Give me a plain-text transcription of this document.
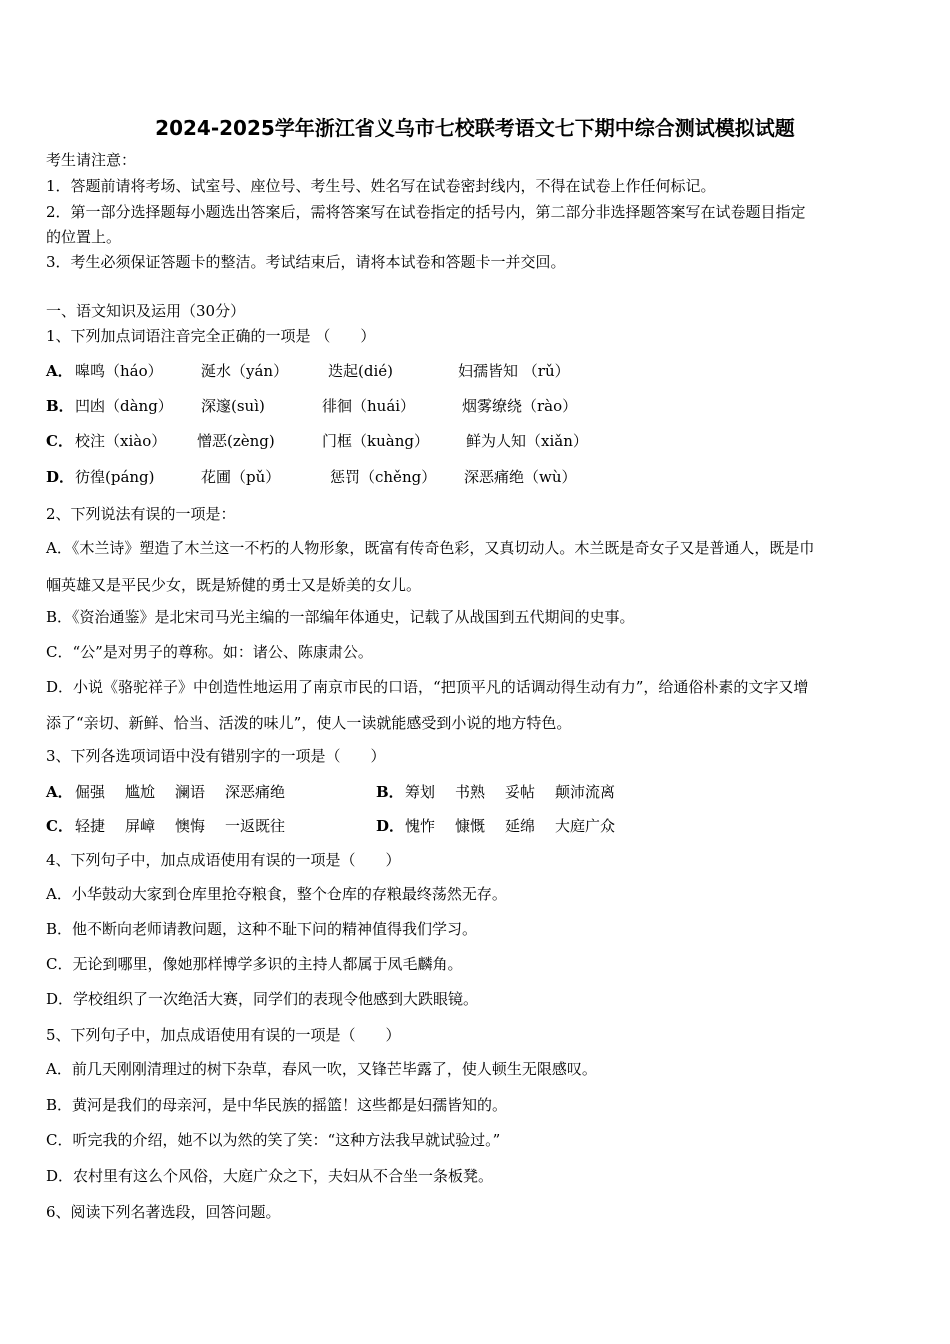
2024-2025学年浙江省义乌市七校联考语文七下期中综合测试模拟试题
考生请注意：
1．答题前请将考场、试室号、座位号、考生号、姓名写在试卷密封线内，不得在试卷上作任何标记。
2．第一部分选择题每小题选出答案后，需将答案写在试卷指定的括号内，第二部分非选择题答案写在试卷题目指定
的位置上。
3．考生必须保证答题卡的整洁。考试结束后，请将本试卷和答题卡一并交回。
一、语文知识及运用（30分）
1、下列加点词语注音完全正确的一项是 （　　）
A． 嗥鸣（háo）	涎水（yán）	迭起(dié)	妇孺皆知 （rǔ）
B． 凹凼（dàng） 深邃(suì)	徘徊（huái）	烟雾缭绕（rào）
C． 校注（xiào） 憎恶(zèng)	门框（kuàng） 鲜为人知（xiǎn）
D． 彷徨(páng)	花圃（pǔ）	惩罚（chěng） 深恶痛绝（wù）
2、下列说法有误的一项是：
A．《木兰诗》塑造了木兰这一不朽的人物形象，既富有传奇色彩，又真切动人。木兰既是奇女子又是普通人，既是巾
帼英雄又是平民少女，既是矫健的勇士又是娇美的女儿。
B．《资治通鉴》是北宋司马光主编的一部编年体通史，记载了从战国到五代期间的史事。
C．“公”是对男子的尊称。如：诸公、陈康肃公。
D．小说《骆驼祥子》中创造性地运用了南京市民的口语，“把顶平凡的话调动得生动有力”，给通俗朴素的文字又增
添了“亲切、新鲜、恰当、活泼的味儿”，使人一读就能感受到小说的地方特色。
3、下列各选项词语中没有错别字的一项是（　　）
A． 倔强 尴尬 澜语 深恶痛绝	B． 筹划 书熟 妥帖 颠沛流离
C． 轻捷 屏嶂 懊悔 一返既往	D． 愧怍 慷慨 延绵 大庭广众
4、下列句子中，加点成语使用有误的一项是（　　）
A．小华鼓动大家到仓库里抢夺粮食，整个仓库的存粮最终荡然无存。
B．他不断向老师请教问题，这种不耻下问的精神值得我们学习。
C．无论到哪里，像她那样博学多识的主持人都属于凤毛麟角。
D．学校组织了一次绝活大赛，同学们的表现令他感到大跌眼镜。
5、下列句子中，加点成语使用有误的一项是（　　）
A．前几天刚刚清理过的树下杂草，春风一吹，又锋芒毕露了，使人顿生无限感叹。
B．黄河是我们的母亲河，是中华民族的摇篮！这些都是妇孺皆知的。
C．听完我的介绍，她不以为然的笑了笑：“这种方法我早就试验过。”
D．农村里有这么个风俗，大庭广众之下，夫妇从不合坐一条板凳。
6、阅读下列名著选段，回答问题。
